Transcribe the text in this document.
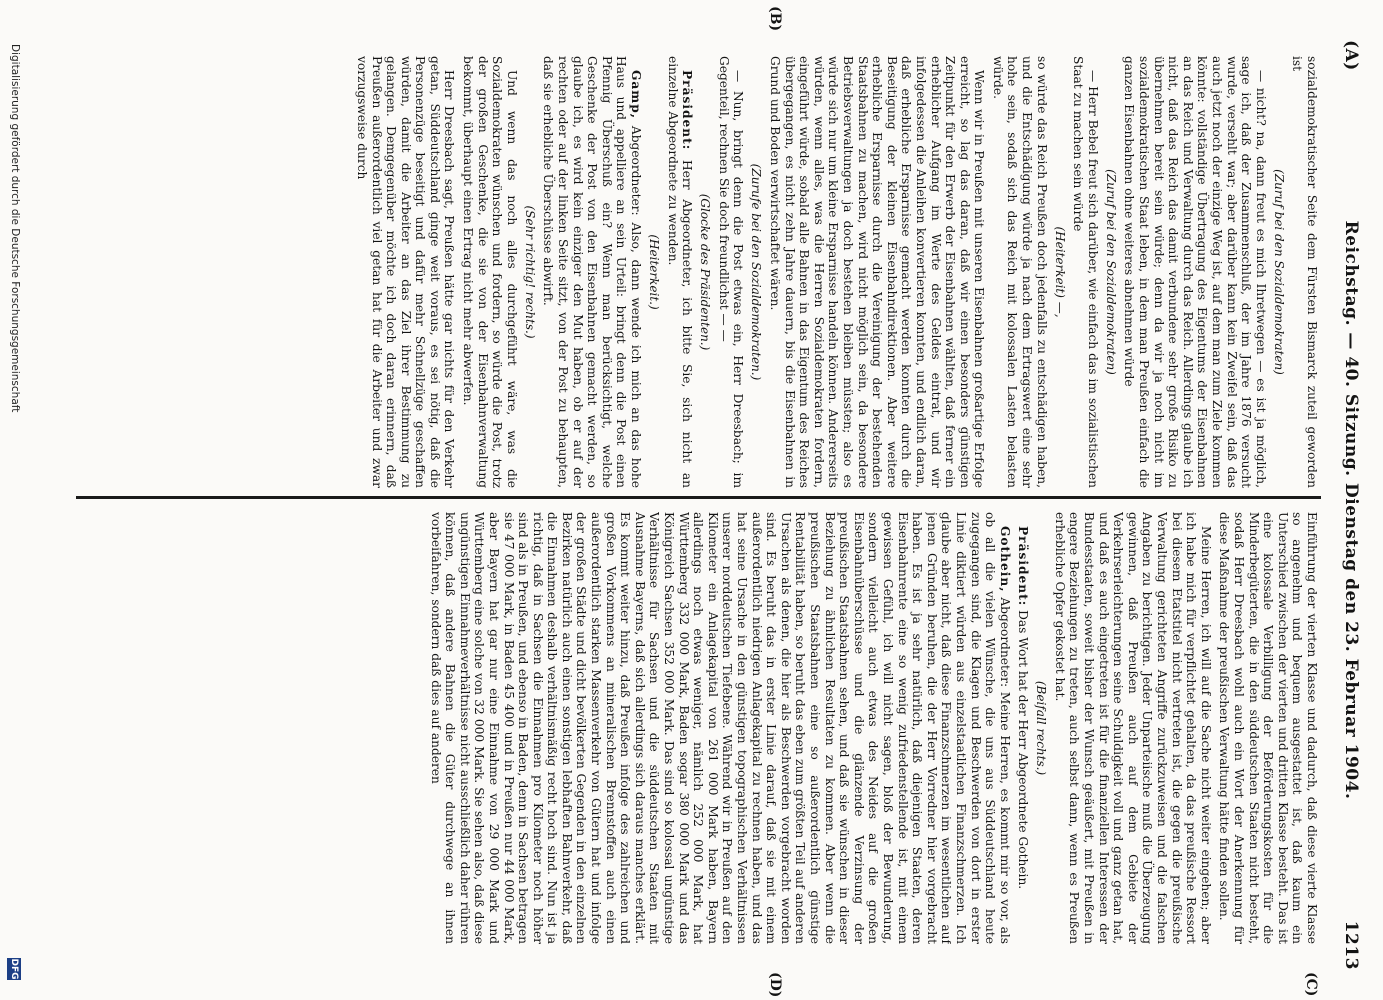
(A)
Reichstag. — 40. Sitzung. Dienstag den 23. Februar 1904.
1213
(B)
(C)
(D)

sozialdemokratischer Seite dem Fürsten Bismarck zuteil geworden ist

(Zuruf bei den Sozialdemokraten)

— nicht? na, dann freut es mich Ihretwegen — es ist ja möglich, sage ich, daß der Zusammenschluß, der im Jahre 1876 versucht wurde, versehlt war; aber darüber kann kein Zweifel sein, daß das auch jetzt noch der einzige Weg ist, auf dem man zum Ziele kommen könnte: vollständige Übertragung des Eigentums der Eisenbahnen an das Reich und Verwaltung durch das Reich. Allerdings glaube ich nicht, daß das Reich das damit verbundene sehr große Risiko zu übernehmen bereit sein würde; denn da wir ja noch nicht im sozialdemokratischen Staat leben, in dem man Preußen einfach die ganzen Eisenbahnen ohne weiteres abnehmen würde

(Zuruf bei den Sozialdemokraten)

— Herr Bebel freut sich darüber, wie einfach das im sozialistischen Staat zu machen sein würde

(Heiterkeit) —,

so würde das Reich Preußen doch jedenfalls zu entschädigen haben, und die Entschädigung würde ja nach dem Ertragswert eine sehr hohe sein, sodaß sich das Reich mit kolossalen Lasten belasten würde.

Wenn wir in Preußen mit unseren Eisenbahnen großartige Erfolge erreicht, so lag das daran, daß wir einen besonders günstigen Zeitpunkt für den Erwerb der Eisenbahnen wählten, daß ferner ein erheblicher Aufgang im Werte des Geldes eintrat, und wir infolgedessen die Anleihen konvertieren konnten, und endlich daran, daß erhebliche Ersparnisse gemacht werden konnten durch die Beseitigung der kleinen Eisenbahndirektionen. Aber weitere erhebliche Ersparnisse durch die Vereinigung der bestehenden Staatsbahnen zu machen, wird nicht möglich sein, da besondere Betriebsverwaltungen ja doch bestehen bleiben müssten; also es würde sich nur um kleine Ersparnisse handeln können. Andererseits würden, wenn alles, was die Herren Sozialdemokraten fordern, eingeführt würde, sobald alle Bahnen in das Eigentum des Reiches übergegangen, es nicht zehn Jahre dauern, bis die Eisenbahnen in Grund und Boden verwirtschaftet wären.

(Zurufe bei den Sozialdemokraten.)

— Nun, bringt denn die Post etwas ein, Herr Dreesbach; im Gegenteil, rechnen Sie doch freundlichst — —

(Glocke des Präsidenten.)

Präsident: Herr Abgeordneter, ich bitte Sie, sich nicht an einzelne Abgeordnete zu wenden.

(Heiterkeit.)

Gamp, Abgeordneter: Also, dann wende ich mich an das hohe Haus und appelliere an sein Urteil: bringt denn die Post einen Pfennig Überschuß ein? Wenn man berücksichtigt, welche Geschenke der Post von den Eisenbahnen gemacht werden, so glaube ich, es wird kein einziger den Mut haben, ob er auf der rechten oder auf der linken Seite sitzt, von der Post zu behaupten, daß sie erhebliche Überschüsse abwirft.

(Sehr richtig! rechts.)

Und wenn das noch alles durchgeführt wäre, was die Sozialdemokraten wünschen und fordern, so würde die Post, trotz der großen Geschenke, die sie von der Eisenbahnverwaltung bekommt, überhaupt einen Ertrag nicht mehr abwerfen.

Herr Dreesbach sagt, Preußen hätte gar nichts für den Verkehr getan, Süddeutschland ginge weit voraus, es sei nötig, daß die Personenzüge beseitigt und dafür mehr Schnellzüge geschaffen würden, damit die Arbeiter an das Ziel ihrer Bestimmung zu gelangen. Demgegenüber möchte ich doch daran erinnern, daß Preußen außerordentlich viel getan hat für die Arbeiter und zwar vorzugsweise durch

Einführung der vierten Klasse und dadurch, daß diese vierte Klasse so angenehm und bequem ausgestattet ist, daß kaum ein Unterschied zwischen der vierten und dritten Klasse besteht. Das ist eine kolossale Verbilligung der Beförderungskosten für die Minderbegüterten, die in den süddeutschen Staaten nicht besteht, sodaß Herr Dreesbach wohl auch ein Wort der Anerkennung für diese Maßnahme der preußischen Verwaltung hätte finden sollen.

Meine Herren, ich will auf die Sache nicht weiter eingehen; aber ich habe mich für verpflichtet gehalten, da das preußische Ressort bei diesem Etatstitel nicht vertreten ist, die gegen die preußische Verwaltung gerichteten Angriffe zurückzuweisen und die falschen Angaben zu berichtigen. Jeder Unparteiische muß die Überzeugung gewinnen, daß Preußen auch auf dem Gebiete der Verkehrserleichterungen seine Schuldigkeit voll und ganz getan hat, und daß es auch eingetreten ist für die finanziellen Interessen der Bundesstaaten, soweit bisher der Wunsch geäußert, mit Preußen in engere Beziehungen zu treten, auch selbst dann, wenn es Preußen erhebliche Opfer gekostet hat.

(Beifall rechts.)

Präsident: Das Wort hat der Herr Abgeordnete Gothein.

Gothein, Abgeordneter: Meine Herren, es kommt mir so vor, als ob all die vielen Wünsche, die uns aus Süddeutschland heute zugegangen sind, die Klagen und Beschwerden von dort in erster Linie diktiert würden aus einzelstaatlichen Finanzschmerzen. Ich glaube aber nicht, daß diese Finanzschmerzen im wesentlichen auf jenen Gründen beruhen, die der Herr Vorredner hier vorgebracht haben. Es ist ja sehr natürlich, daß diejenigen Staaten, deren Eisenbahnrente eine so wenig zufriedenstellende ist, mit einem gewissen Gefühl, ich will nicht sagen, bloß der Bewunderung, sondern vielleicht auch etwas des Neides auf die großen Eisenbahnüberschüsse und die glänzende Verzinsung der preußischen Staatsbahnen sehen, und daß sie wünschen in dieser Beziehung zu ähnlichen Resultaten zu kommen. Aber wenn die preußischen Staatsbahnen eine so außerordentlich günstige Rentabilität haben, so beruht das eben zum größten Teil auf anderen Ursachen als denen, die hier als Beschwerden vorgebracht worden sind. Es beruht das in erster Linie darauf, daß sie mit einem außerordentlich niedrigen Anlagekapital zu rechnen haben, und das hat seine Ursache in den günstigen topographischen Verhältnissen unserer norddeutschen Tiefebene. Während wir in Preußen auf den Kilometer ein Anlagekapital von 261 000 Mark haben, Bayern allerdings noch etwas weniger, nämlich 252 000 Mark, hat Württemberg 332 000 Mark, Baden sogar 380 000 Mark und das Königreich Sachsen 352 000 Mark. Das sind so kolossal ungünstige Verhältnisse für Sachsen und die süddeutschen Staaten mit Ausnahme Bayerns, daß sich allerdings sich daraus manches erklärt. Es kommt weiter hinzu, daß Preußen infolge des zahlreichen und großen Vorkommens an mineralischen Brennstoffen auch einen außerordentlich starken Massenverkehr von Gütern hat und infolge der großen Städte und dicht bevölkerten Gegenden in den einzelnen Bezirken natürlich auch einen sonstigen lebhaften Bahnverkehr, daß die Einnahmen deshalb verhältnismäßig recht hoch sind. Nun ist ja richtig, daß in Sachsen die Einnahmen pro Kilometer noch höher sind als in Preußen, und ebenso in Baden, denn in Sachsen betragen sie 47 000 Mark, in Baden 45 400 und in Preußen nur 44 000 Mark, aber Bayern hat gar nur eine Einnahme von 29 000 Mark und Württemberg eine solche von 32 000 Mark. Sie sehen also, daß diese ungünstigen Einnahmeverhältnisse nicht ausschließlich daher rühren können, daß andere Bahnen die Güter durchwege an ihnen vorbeifahren, sondern daß dies auf anderen

Digitalisierung gefördert durch die Deutsche Forschungsgemeinschaft
DFG
